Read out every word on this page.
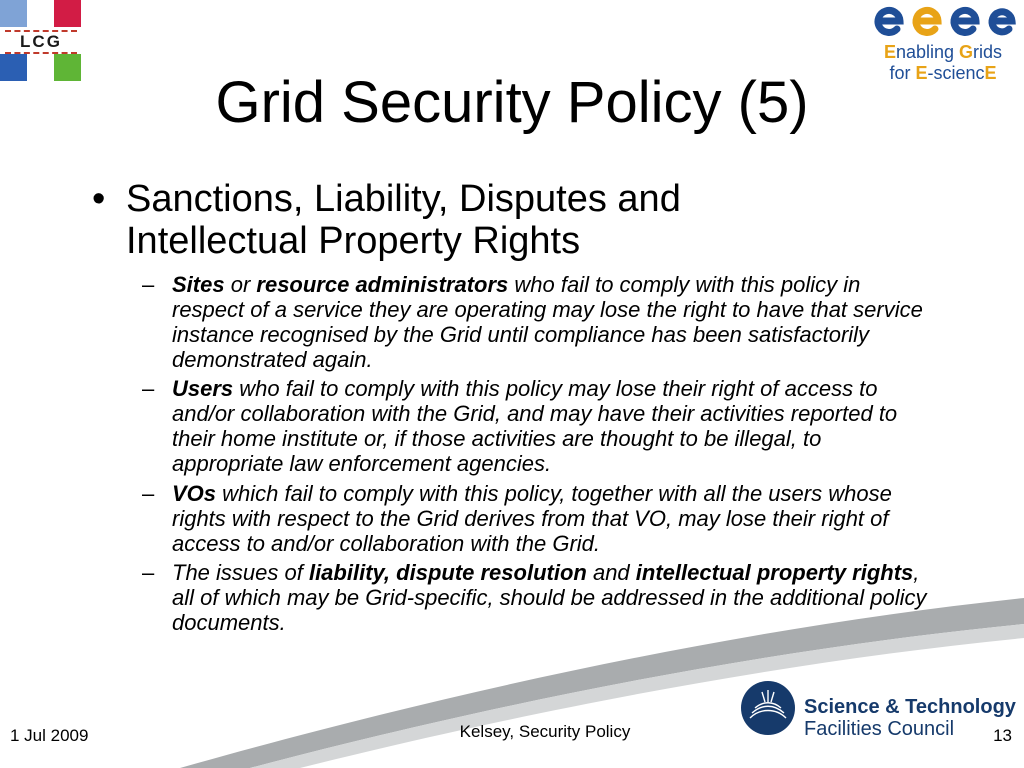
LCG
Enabling Grids
for E-sciencE
Grid Security Policy (5)
• Sanctions, Liability, Disputes and Intellectual Property Rights
– Sites or resource administrators who fail to comply with this policy in respect of a service they are operating may lose the right to have that service instance recognised by the Grid until compliance has been satisfactorily demonstrated again.
– Users who fail to comply with this policy may lose their right of access to and/or collaboration with the Grid, and may have their activities reported to their home institute or, if those activities are thought to be illegal, to appropriate law enforcement agencies.
– VOs which fail to comply with this policy, together with all the users whose rights with respect to the Grid derives from that VO, may lose their right of access to and/or collaboration with the Grid.
– The issues of liability, dispute resolution and intellectual property rights, all of which may be Grid-specific, should be addressed in the additional policy documents.
Science & Technology
Facilities Council
1 Jul 2009	Kelsey, Security Policy	13
